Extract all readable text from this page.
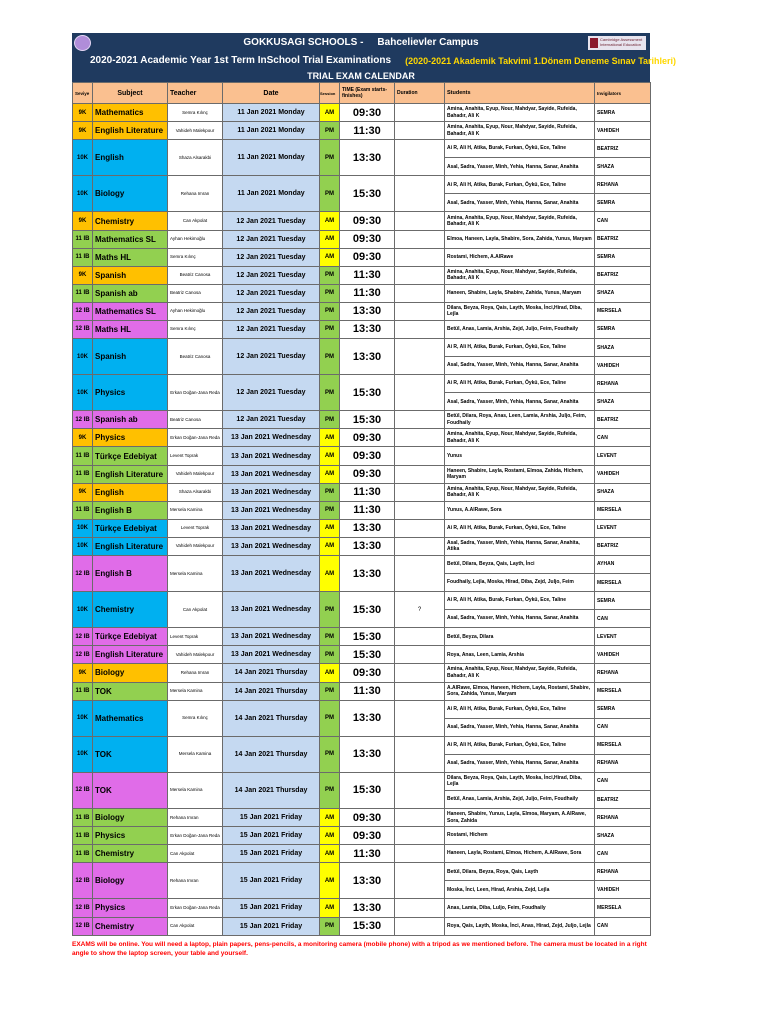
GOKKUSAGI SCHOOLS - Bahcelievler Campus	Cambridge Assessment International Education
2020-2021 Academic Year 1st Term InSchool Trial Examinations (2020-2021 Akademik Takvimi 1.Dönem Deneme Sınav Tarihleri)
TRIAL EXAM CALENDAR
Seviye	Subject	Teacher	Date	Session	TIME (Exam starts-finishes)	Duration	Students	Invigilators
9K	Mathematics	Semra Kılınç	11 Jan 2021 Monday	AM	09:30		Amina, Anahita, Eyup, Nour, Mahdyar, Sayide, Rufeida, Bahadır, Ali K	SEMRA
9K	English Literature	Vahideh Malekpour	11 Jan 2021 Monday	PM	11:30		Amina, Anahita, Eyup, Nour, Mahdyar, Sayide, Rufeida, Bahadır, Ali K	VAHIDEH
10K	English	Shaza Alsarakbi	11 Jan 2021 Monday	PM	13:30		Ai R, Ali H, Atika, Burak, Furkan, Öykü, Ece, Taline	BEATRIZ
							Asal, Sadra, Yasser, Minh, Yehia, Hanna, Sanar, Anahita	SHAZA
10K	Biology	Rehana Imran	11 Jan 2021 Monday	PM	15:30		Ai R, Ali H, Atika, Burak, Furkan, Öykü, Ece, Taline	REHANA
							Asal, Sadra, Yasser, Minh, Yehia, Hanna, Sanar, Anahita	SEMRA
9K	Chemistry	Can Akpolat	12 Jan 2021 Tuesday	AM	09:30		Amina, Anahita, Eyup, Nour, Mahdyar, Sayide, Rufeida, Bahadır, Ali K	CAN
11 IB	Mathematics SL	Ayhan Hekimoğlu	12 Jan 2021 Tuesday	AM	09:30		Elmoa, Haneen, Layla, Shabire, Sora, Zahida, Yunus, Maryam	BEATRIZ
11 IB	Maths HL	Semra Kılınç	12 Jan 2021 Tuesday	AM	09:30		Rostami, Hichem, A.AlRawe	SEMRA
9K	Spanish	Beatriz Canosa	12 Jan 2021 Tuesday	PM	11:30		Amina, Anahita, Eyup, Nour, Mahdyar, Sayide, Rufeida, Bahadır, Ali K	BEATRIZ
11 IB	Spanish ab	Beatriz Canosa	12 Jan 2021 Tuesday	PM	11:30		Haneen, Shabire, Layla, Shabire, Zahida, Yunus, Maryam	SHAZA
12 IB	Mathematics SL	Ayhan Hekimoğlu	12 Jan 2021 Tuesday	PM	13:30		Dilara, Beyza, Roya, Qais, Layth, Moska, İnci,Hirad, Diba, Lejla	MERSELA
12 IB	Maths HL	Semra Kılınç	12 Jan 2021 Tuesday	PM	13:30		Betül, Anas, Lamia, Arshia, Zejd, Juljo, Feim, Foudhaily	SEMRA
10K	Spanish	Beatriz Canosa	12 Jan 2021 Tuesday	PM	13:30		Ai R, Ali H, Atika, Burak, Furkan, Öykü, Ece, Taline	SHAZA
							Asal, Sadra, Yasser, Minh, Yehia, Hanna, Sanar, Anahita	VAHIDEH
10K	Physics	Erkan Doğan-Jana Reda	12 Jan 2021 Tuesday	PM	15:30		Ai R, Ali H, Atika, Burak, Furkan, Öykü, Ece, Taline	REHANA
							Asal, Sadra, Yasser, Minh, Yehia, Hanna, Sanar, Anahita	SHAZA
12 IB	Spanish ab	Beatriz Canosa	12 Jan 2021 Tuesday	PM	15:30		Betül, Dilara, Roya, Anas, Leen, Lamia, Arshia, Juljo, Feim, Foudhaily	BEATRIZ
9K	Physics	Erkan Doğan-Jana Reda	13 Jan 2021 Wednesday	AM	09:30		Amina, Anahita, Eyup, Nour, Mahdyar, Sayide, Rufeida, Bahadır, Ali K	CAN
11 IB	Türkçe Edebiyat	Levent Toprak	13 Jan 2021 Wednesday	AM	09:30		Yunus	LEVENT
11 IB	English Literature	Vahideh Malekpour	13 Jan 2021 Wednesday	AM	09:30		Haneen, Shabire, Layla, Rostami, Elmoa, Zahida, Hichem, Maryam	VAHIDEH
9K	English	Shaza Alsarakbi	13 Jan 2021 Wednesday	PM	11:30		Amina, Anahita, Eyup, Nour, Mahdyar, Sayide, Rufeida, Bahadır, Ali K	SHAZA
11 IB	English B	Mersela Kamina	13 Jan 2021 Wednesday	PM	11:30		Yunus, A.AlRawe, Sora	MERSELA
10K	Türkçe Edebiyat	Levent Toprak	13 Jan 2021 Wednesday	AM	13:30		Ai R, Ali H, Atika, Burak, Furkan, Öykü, Ece, Taline	LEVENT
10K	English Literature	Vahideh Malekpour	13 Jan 2021 Wednesday	AM	13:30		Asal, Sadra, Yasser, Minh, Yehia, Hanna, Sanar, Anahita, Atika	BEATRIZ
12 IB	English B	Mersela Kamina	13 Jan 2021 Wednesday	AM	13:30		Betül, Dilara, Beyza, Qais, Layth, İnci	AYHAN
							Foudhaily, Lejla, Moska, Hirad, Diba, Zejd, Juljo, Feim	MERSELA
10K	Chemistry	Can Akpolat	13 Jan 2021 Wednesday	PM	15:30	?	Ai R, Ali H, Atika, Burak, Furkan, Öykü, Ece, Taline	SEMRA
							Asal, Sadra, Yasser, Minh, Yehia, Hanna, Sanar, Anahita	CAN
12 IB	Türkçe Edebiyat	Levent Toprak	13 Jan 2021 Wednesday	PM	15:30		Betül, Beyza, Dilara	LEVENT
12 IB	English Literature	Vahideh Malekpour	13 Jan 2021 Wednesday	PM	15:30		Roya, Anas, Leen, Lamia, Arshia	VAHIDEH
9K	Biology	Rehana Imran	14 Jan 2021 Thursday	AM	09:30		Amina, Anahita, Eyup, Nour, Mahdyar, Sayide, Rufeida, Bahadır, Ali K	REHANA
11 IB	TOK	Mersela Kamina	14 Jan 2021 Thursday	PM	11:30		A.AlRawe, Elmoa, Haneen, Hichem, Layla, Rostami, Shabire, Sora, Zahida, Yunus, Maryam	MERSELA
10K	Mathematics	Semra Kılınç	14 Jan 2021 Thursday	PM	13:30		Ai R, Ali H, Atika, Burak, Furkan, Öykü, Ece, Taline	SEMRA
							Asal, Sadra, Yasser, Minh, Yehia, Hanna, Sanar, Anahita	CAN
10K	TOK	Mersela Kamina	14 Jan 2021 Thursday	PM	13:30		Ai R, Ali H, Atika, Burak, Furkan, Öykü, Ece, Taline	MERSELA
							Asal, Sadra, Yasser, Minh, Yehia, Hanna, Sanar, Anahita	REHANA
12 IB	TOK	Mersela Kamina	14 Jan 2021 Thursday	PM	15:30		Dilara, Beyza, Roya, Qais, Layth, Moska, İnci,Hirad, Diba, Lejla	CAN
							Betül, Anas, Lamia, Arshia, Zejd, Juljo, Feim, Foudhaily	BEATRIZ
11 IB	Biology	Rehana Imran	15 Jan 2021 Friday	AM	09:30		Haneen, Shabire, Yunus, Layla, Elmoa, Maryam, A.AlRawe, Sora, Zahida	REHANA
11 IB	Physics	Erkan Doğan-Jana Reda	15 Jan 2021 Friday	AM	09:30		Rostami, Hichem	SHAZA
11 IB	Chemistry	Can Akpolat	15 Jan 2021 Friday	AM	11:30		Haneen, Layla, Rostami, Elmoa, Hichem, A.AlRawe, Sora	CAN
12 IB	Biology	Rehana Imran	15 Jan 2021 Friday	AM	13:30		Betül, Dilara, Beyza, Roya, Qais, Layth	REHANA
							Moska, İnci, Leen, Hirad, Arshia, Zejd, Lejla	VAHIDEH
12 IB	Physics	Erkan Doğan-Jana Reda	15 Jan 2021 Friday	AM	13:30		Anas, Lamia, Diba, Luljo, Feim, Foudhaily	MERSELA
12 IB	Chemistry	Can Akpolat	15 Jan 2021 Friday	PM	15:30		Roya, Qais, Layth, Moska, İnci, Anas, Hirad, Zejd, Juljo, Lejla	CAN
EXAMS will be online. You will need a laptop, plain papers, pens-pencils, a monitoring camera (mobile phone) with a tripod as we mentioned before. The camera must be located in a right angle to show the laptop screen, your table and yourself.
